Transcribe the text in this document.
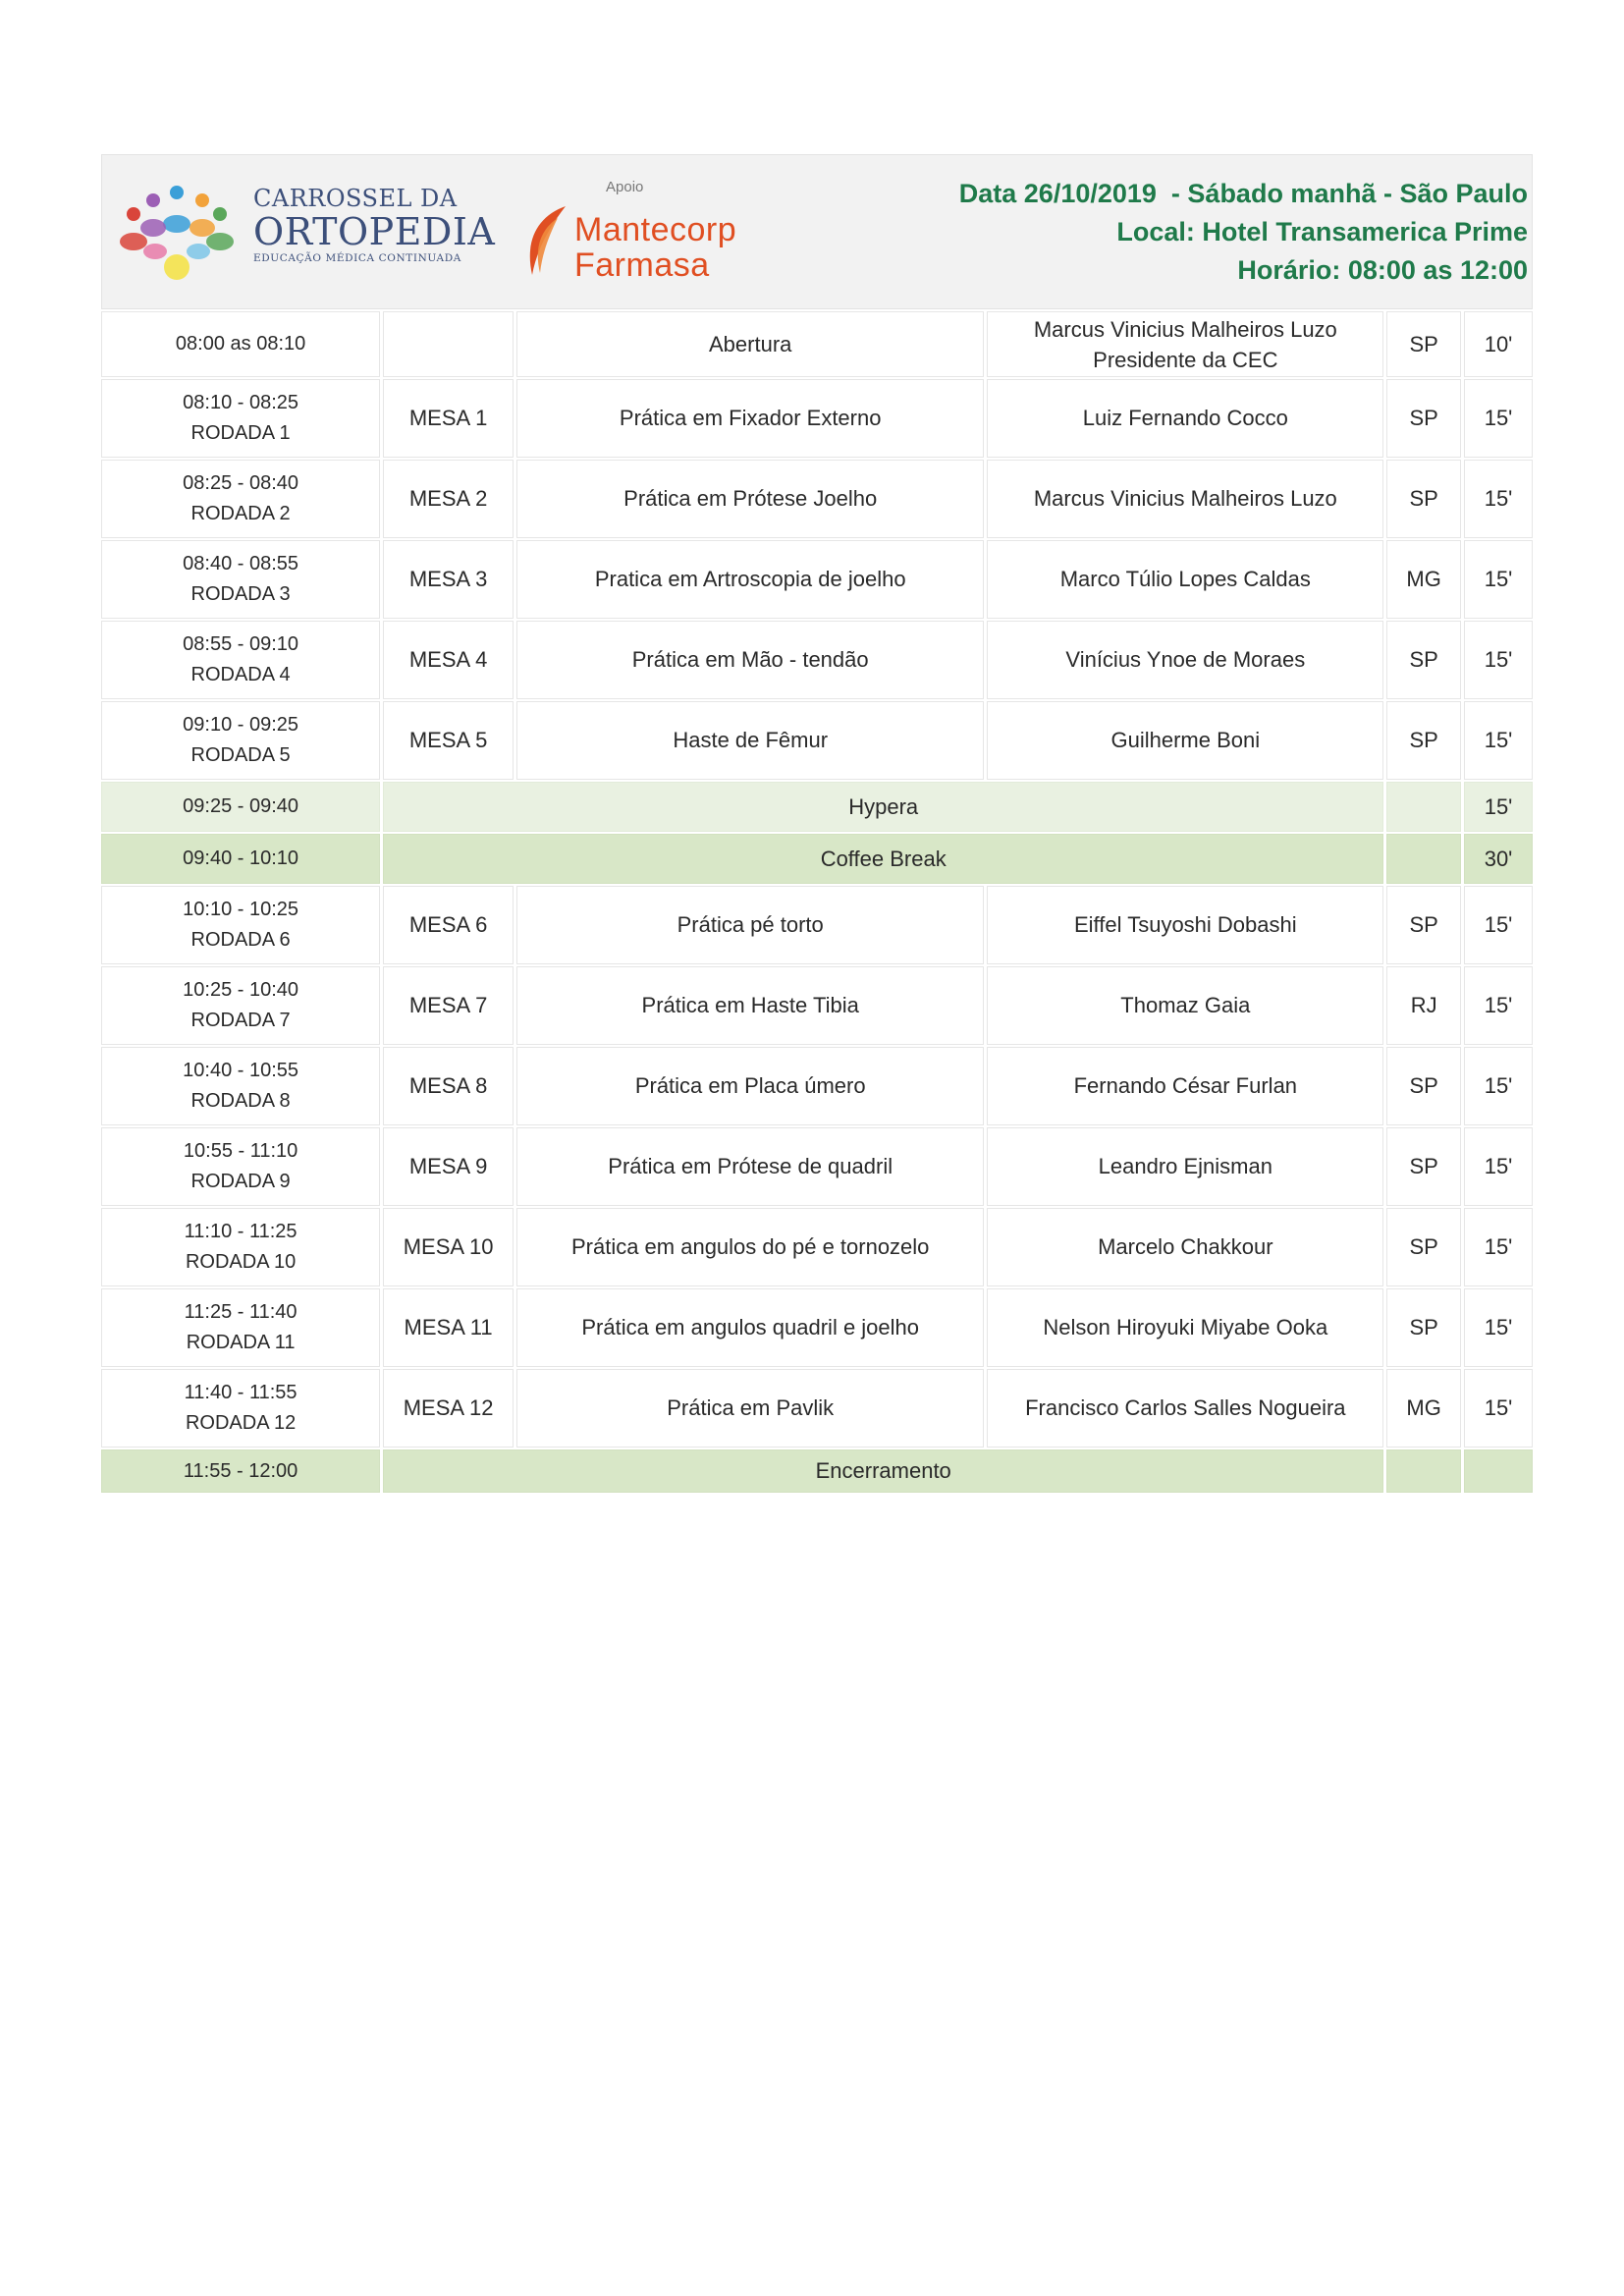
CARROSSEL DA
ORTOPEDIA
EDUCAÇÃO MÉDICA CONTINUADA
Apoio
Mantecorp
Farmasa
Data 26/10/2019  - Sábado manhã - São Paulo
Local: Hotel Transamerica Prime
Horário: 08:00 as 12:00
08:00 as 08:10		Abertura	Marcus Vinicius Malheiros Luzo
Presidente da CEC	SP	10'

08:10 - 08:25
RODADA 1	MESA 1	Prática em Fixador Externo	Luiz Fernando Cocco	SP	15'

08:25 - 08:40
RODADA 2	MESA 2	Prática em Prótese Joelho	Marcus Vinicius Malheiros Luzo	SP	15'

08:40 - 08:55
RODADA 3	MESA 3	Pratica em Artroscopia de joelho	Marco Túlio Lopes Caldas	MG	15'

08:55 - 09:10
RODADA 4	MESA 4	Prática em Mão - tendão	Vinícius Ynoe de Moraes	SP	15'

09:10 - 09:25
RODADA 5	MESA 5	Haste de Fêmur	Guilherme Boni	SP	15'
09:25 - 09:40	Hypera				15'
09:40 - 10:10	Coffee Break				30'

10:10 - 10:25
RODADA 6	MESA 6	Prática pé torto	Eiffel Tsuyoshi Dobashi	SP	15'

10:25 - 10:40
RODADA 7	MESA 7	Prática em Haste Tibia	Thomaz Gaia	RJ	15'

10:40 - 10:55
RODADA 8	MESA 8	Prática em Placa úmero	Fernando César Furlan	SP	15'

10:55 - 11:10
RODADA 9	MESA 9	Prática em Prótese de quadril	Leandro Ejnisman	SP	15'

11:10 - 11:25
RODADA 10	MESA 10	Prática em angulos do pé e tornozelo	Marcelo Chakkour	SP	15'

11:25 - 11:40
RODADA 11	MESA 11	Prática em angulos quadril e joelho	Nelson Hiroyuki Miyabe Ooka	SP	15'

11:40 - 11:55
RODADA 12	MESA 12	Prática em Pavlik	Francisco Carlos Salles Nogueira	MG	15'
11:55 - 12:00	Encerramento				
